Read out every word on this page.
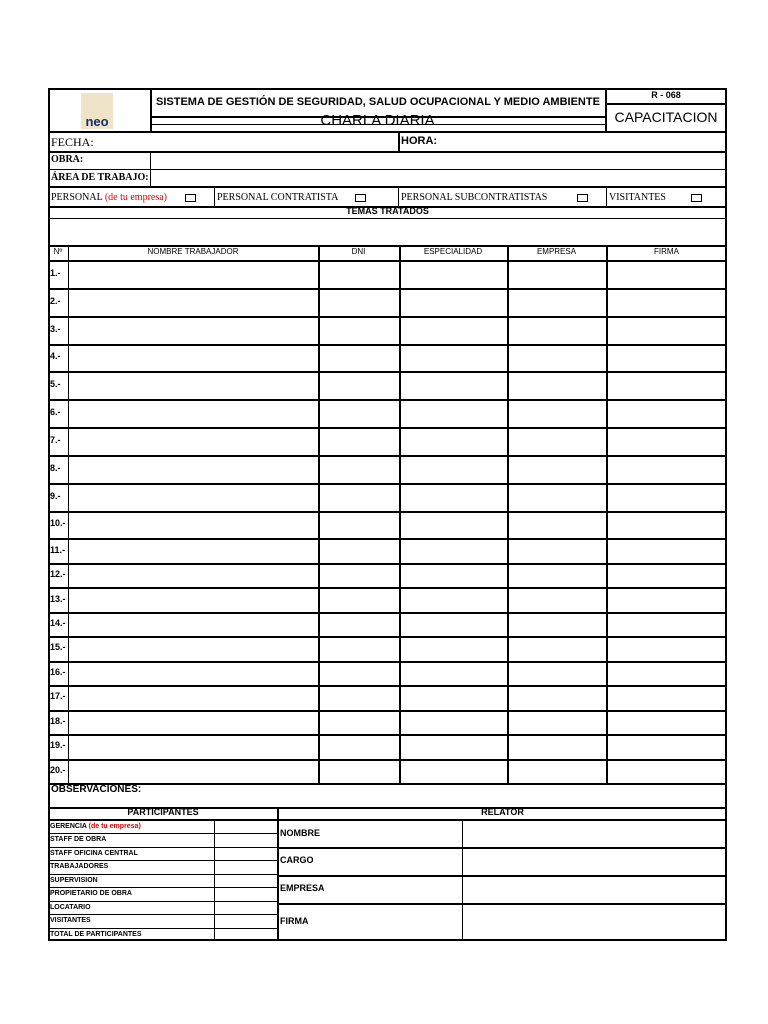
neo
SISTEMA DE GESTIÓN DE SEGURIDAD, SALUD OCUPACIONAL Y MEDIO AMBIENTE
CHARLA DIARIA
R - 068
CAPACITACION
FECHA:	HORA:
OBRA:
ÁREA DE TRABAJO:
PERSONAL (de tu empresa)	PERSONAL CONTRATISTA	PERSONAL SUBCONTRATISTAS	VISITANTES
TEMAS TRATADOS
Nº	NOMBRE TRABAJADOR	DNI	ESPECIALIDAD	EMPRESA	FIRMA
1.-
2.-
3.-
4.-
5.-
6.-
7.-
8.-
9.-
10.-
11.-
12.-
13.-
14.-
15.-
16.-
17.-
18.-
19.-
20.-
OBSERVACIONES:
PARTICIPANTES	RELATOR
GERENCIA (de tu empresa)
STAFF DE OBRA
STAFF OFICINA CENTRAL
TRABAJADORES
SUPERVISION
PROPIETARIO DE OBRA
LOCATARIO
VISITANTES
TOTAL DE PARTICIPANTES
NOMBRE
CARGO
EMPRESA
FIRMA
